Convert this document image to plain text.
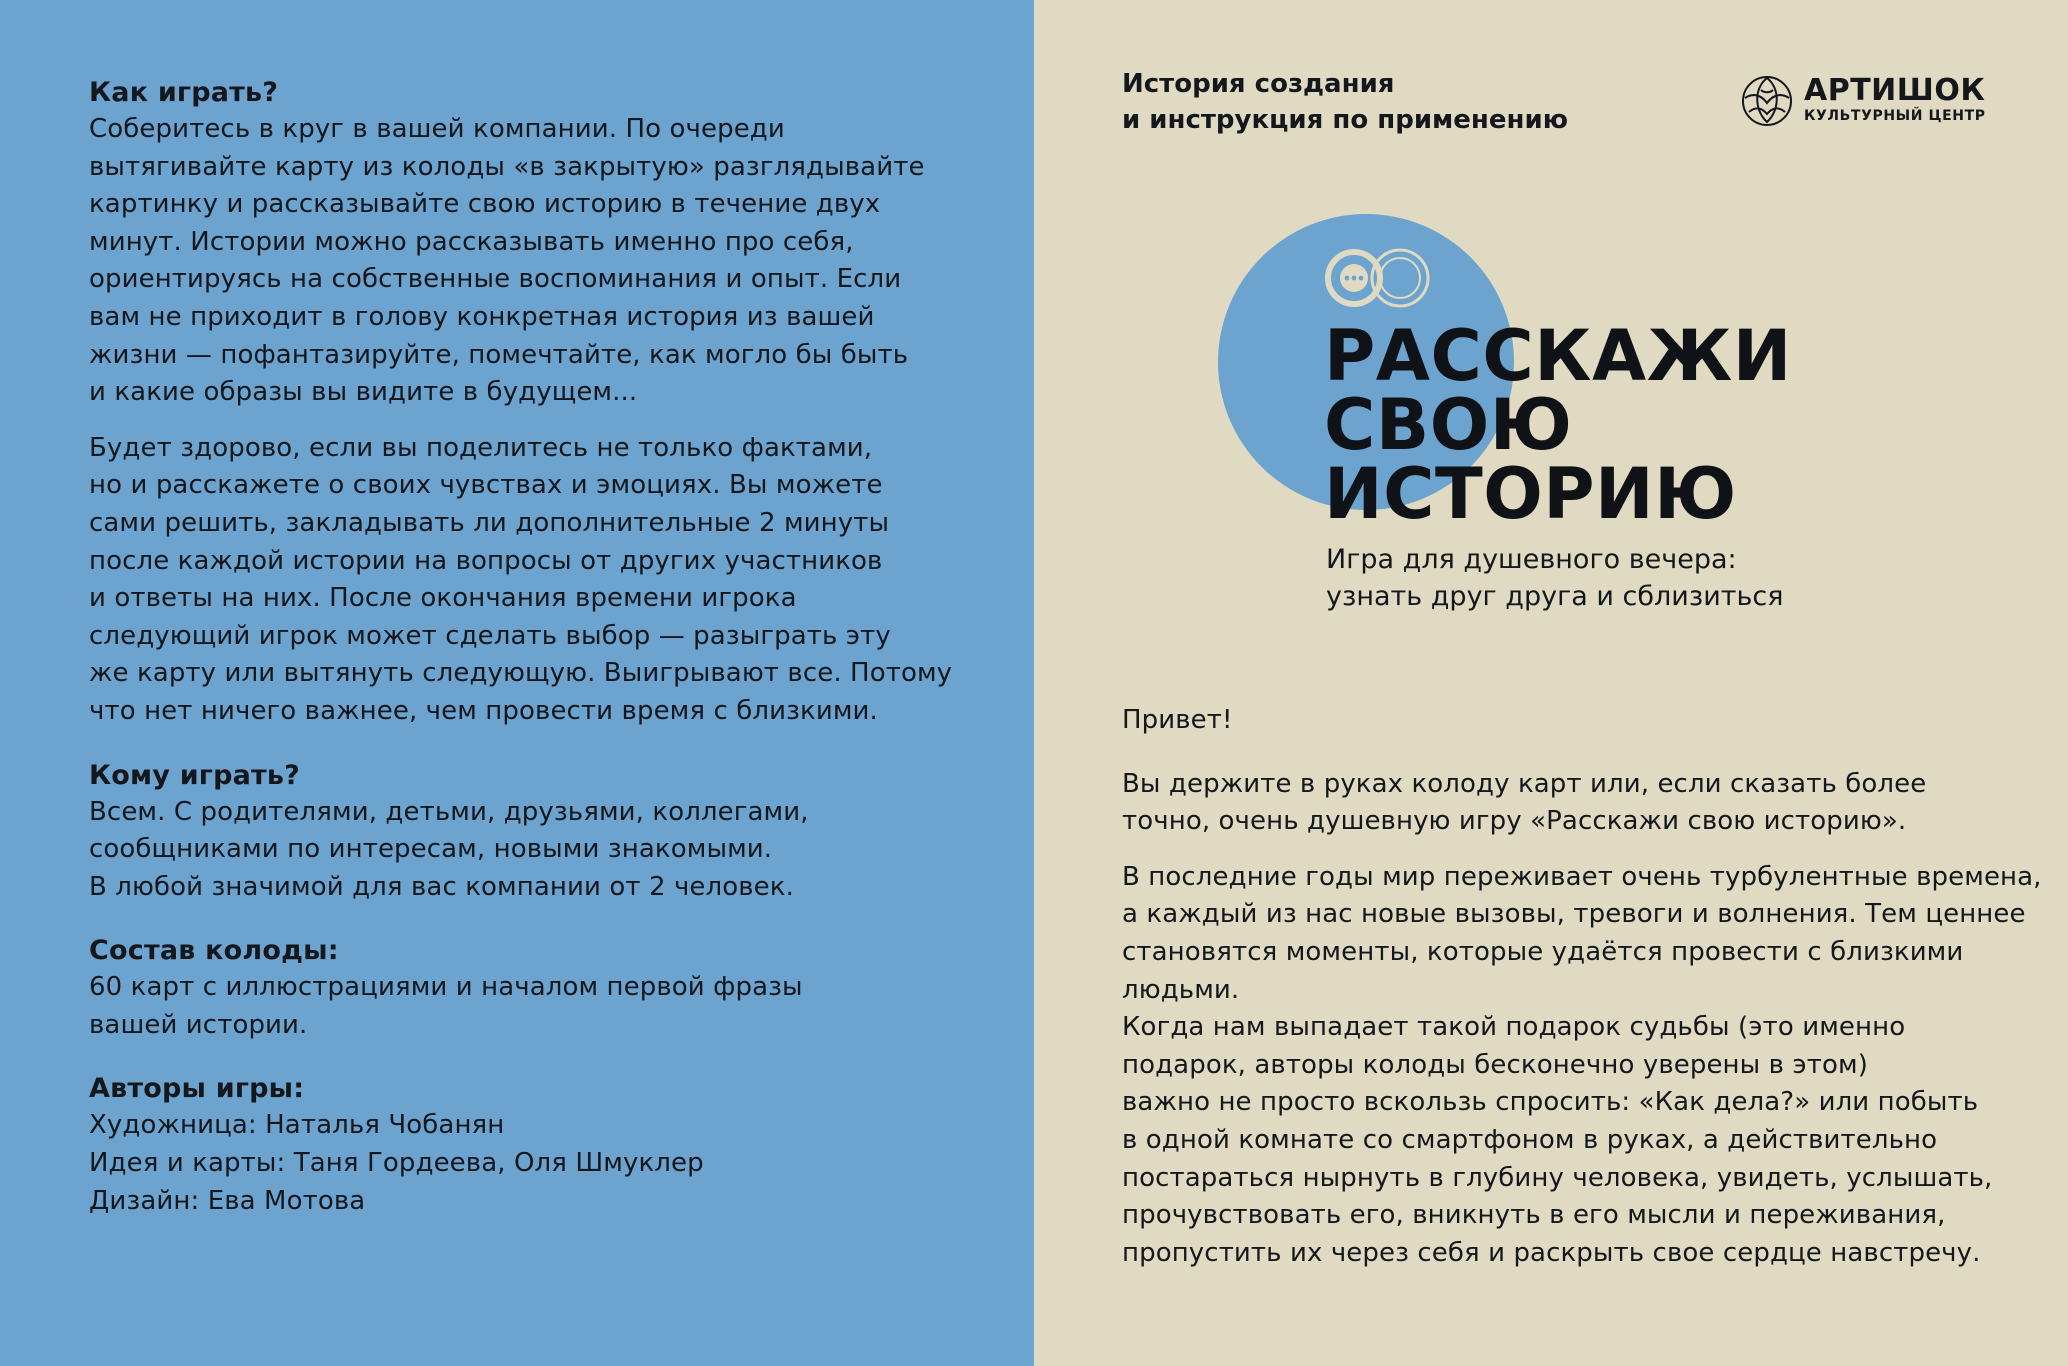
Как играть?
Соберитесь в круг в вашей компании. По очереди
вытягивайте карту из колоды «в закрытую» разглядывайте
картинку и рассказывайте свою историю в течение двух
минут. Истории можно рассказывать именно про себя,
ориентируясь на собственные воспоминания и опыт. Если
вам не приходит в голову конкретная история из вашей
жизни — пофантазируйте, помечтайте, как могло бы быть
и какие образы вы видите в будущем...
Будет здорово, если вы поделитесь не только фактами,
но и расскажете о своих чувствах и эмоциях. Вы можете
сами решить, закладывать ли дополнительные 2 минуты
после каждой истории на вопросы от других участников
и ответы на них. После окончания времени игрока
следующий игрок может сделать выбор — разыграть эту
же карту или вытянуть следующую. Выигрывают все. Потому
что нет ничего важнее, чем провести время с близкими.
Кому играть?
Всем. С родителями, детьми, друзьями, коллегами,
сообщниками по интересам, новыми знакомыми.
В любой значимой для вас компании от 2 человек.
Состав колоды:
60 карт с иллюстрациями и началом первой фразы
вашей истории.
Авторы игры:
Художница: Наталья Чобанян
Идея и карты: Таня Гордеева, Оля Шмуклер
Дизайн: Ева Мотова
История создания
и инструкция по применению
АРТИШОК
КУЛЬТУРНЫЙ ЦЕНТР
РАССКАЖИ
СВОЮ
ИСТОРИЮ
Игра для душевного вечера:
узнать друг друга и сблизиться
Привет!
Вы держите в руках колоду карт или, если сказать более
точно, очень душевную игру «Расскажи свою историю».
В последние годы мир переживает очень турбулентные времена,
а каждый из нас новые вызовы, тревоги и волнения. Тем ценнее
становятся моменты, которые удаётся провести с близкими людьми.
Когда нам выпадает такой подарок судьбы (это именно
подарок, авторы колоды бесконечно уверены в этом)
важно не просто вскользь спросить: «Как дела?» или побыть
в одной комнате со смартфоном в руках, а действительно
постараться нырнуть в глубину человека, увидеть, услышать,
прочувствовать его, вникнуть в его мысли и переживания,
пропустить их через себя и раскрыть свое сердце навстречу.
